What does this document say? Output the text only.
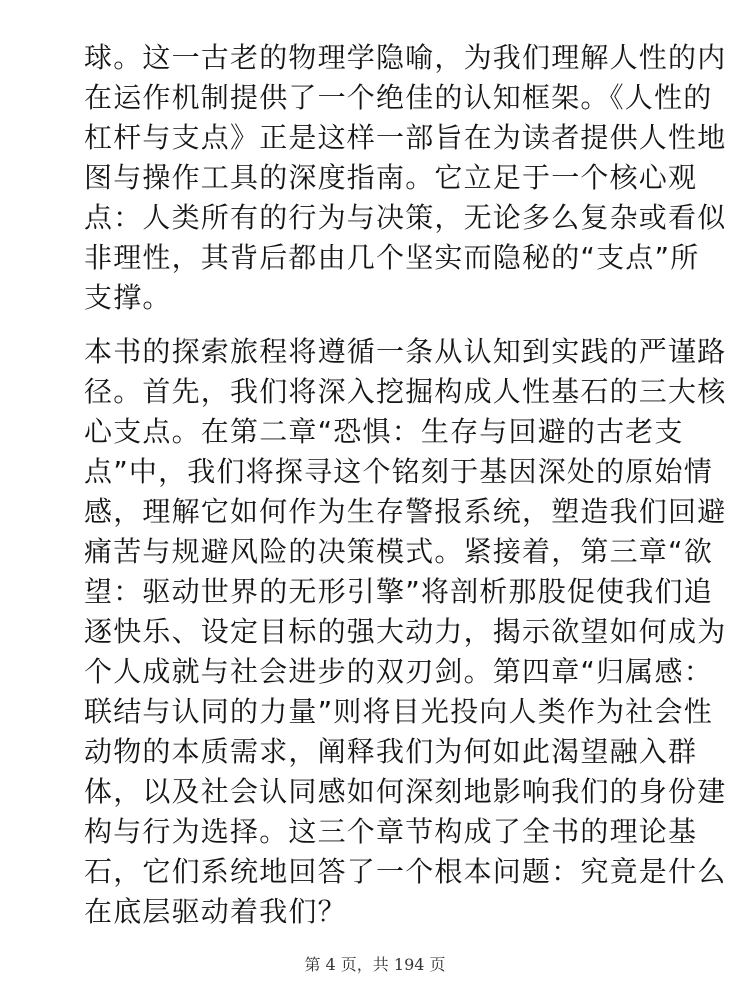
球。这一古老的物理学隐喻，为我们理解人性的内
在运作机制提供了一个绝佳的认知框架。《人性的
杠杆与支点》正是这样一部旨在为读者提供人性地
图与操作工具的深度指南。它立足于一个核心观
点：人类所有的行为与决策，无论多么复杂或看似
非理性，其背后都由几个坚实而隐秘的“支点”所
支撑。
本书的探索旅程将遵循一条从认知到实践的严谨路
径。首先，我们将深入挖掘构成人性基石的三大核
心支点。在第二章“恐惧：生存与回避的古老支
点”中，我们将探寻这个铭刻于基因深处的原始情
感，理解它如何作为生存警报系统，塑造我们回避
痛苦与规避风险的决策模式。紧接着，第三章“欲
望：驱动世界的无形引擎”将剖析那股促使我们追
逐快乐、设定目标的强大动力，揭示欲望如何成为
个人成就与社会进步的双刃剑。第四章“归属感：
联结与认同的力量”则将目光投向人类作为社会性
动物的本质需求，阐释我们为何如此渴望融入群
体，以及社会认同感如何深刻地影响我们的身份建
构与行为选择。这三个章节构成了全书的理论基
石，它们系统地回答了一个根本问题：究竟是什么
在底层驱动着我们？
第 4 页，共 194 页
